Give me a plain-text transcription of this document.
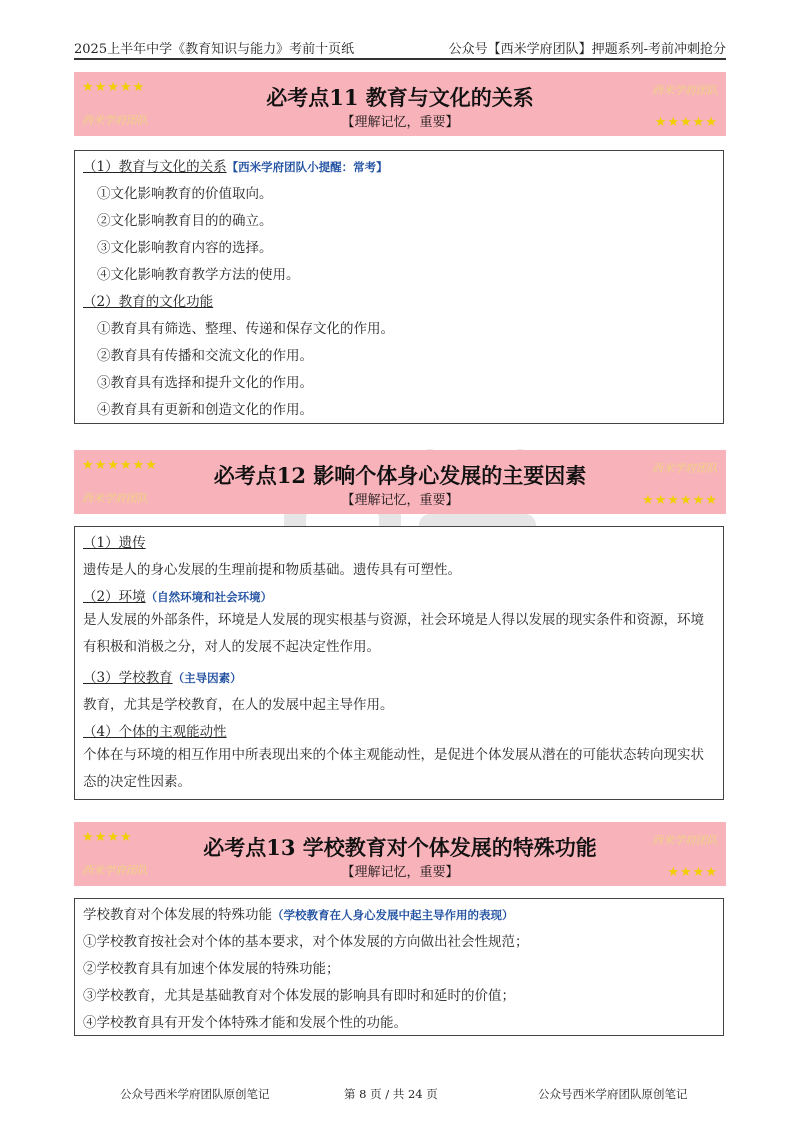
2025上半年中学《教育知识与能力》考前十页纸	公众号【西米学府团队】押题系列-考前冲刺抢分
★★★★★	西米学府团队
必考点11 教育与文化的关系
西米学府团队	【理解记忆，重要】	★★★★★
（1）教育与文化的关系【西米学府团队小提醒：常考】
①文化影响教育的价值取向。
②文化影响教育目的的确立。
③文化影响教育内容的选择。
④文化影响教育教学方法的使用。
（2）教育的文化功能
①教育具有筛选、整理、传递和保存文化的作用。
②教育具有传播和交流文化的作用。
③教育具有选择和提升文化的作用。
④教育具有更新和创造文化的作用。
★★★★★★	西米学府团队
必考点12 影响个体身心发展的主要因素
西米学府团队	【理解记忆，重要】	★★★★★★
（1）遗传
遗传是人的身心发展的生理前提和物质基础。遗传具有可塑性。
（2）环境（自然环境和社会环境）
是人发展的外部条件，环境是人发展的现实根基与资源，社会环境是人得以发展的现实条件和资源，环境有积极和消极之分，对人的发展不起决定性作用。
（3）学校教育（主导因素）
教育，尤其是学校教育，在人的发展中起主导作用。
（4）个体的主观能动性
个体在与环境的相互作用中所表现出来的个体主观能动性，是促进个体发展从潜在的可能状态转向现实状态的决定性因素。
★★★★	西米学府团队
必考点13 学校教育对个体发展的特殊功能
西米学府团队	【理解记忆，重要】	★★★★
学校教育对个体发展的特殊功能（学校教育在人身心发展中起主导作用的表现）
①学校教育按社会对个体的基本要求，对个体发展的方向做出社会性规范；
②学校教育具有加速个体发展的特殊功能；
③学校教育，尤其是基础教育对个体发展的影响具有即时和延时的价值；
④学校教育具有开发个体特殊才能和发展个性的功能。
公众号西米学府团队原创笔记	第 8 页 / 共 24 页	公众号西米学府团队原创笔记
